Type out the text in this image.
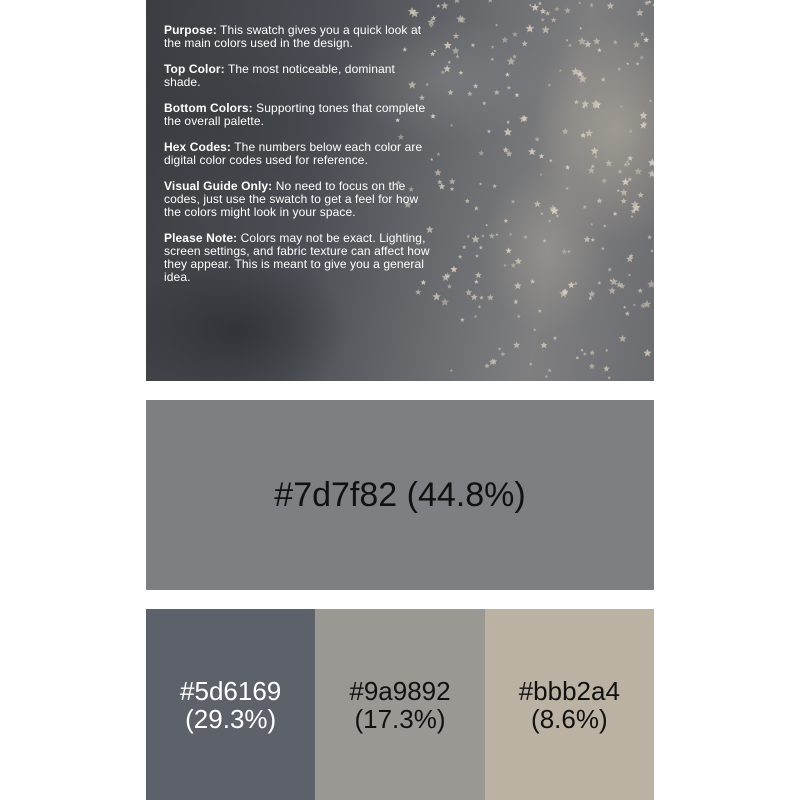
Purpose: This swatch gives you a quick look at the main colors used in the design.

Top Color: The most noticeable, dominant shade.

Bottom Colors: Supporting tones that complete the overall palette.

Hex Codes: The numbers below each color are digital color codes used for reference.

Visual Guide Only: No need to focus on the codes, just use the swatch to get a feel for how the colors might look in your space.

Please Note: Colors may not be exact. Lighting, screen settings, and fabric texture can affect how they appear. This is meant to give you a general idea.

#7d7f82 (44.8%)
#5d6169
(29.3%)
#9a9892
(17.3%)
#bbb2a4
(8.6%)
